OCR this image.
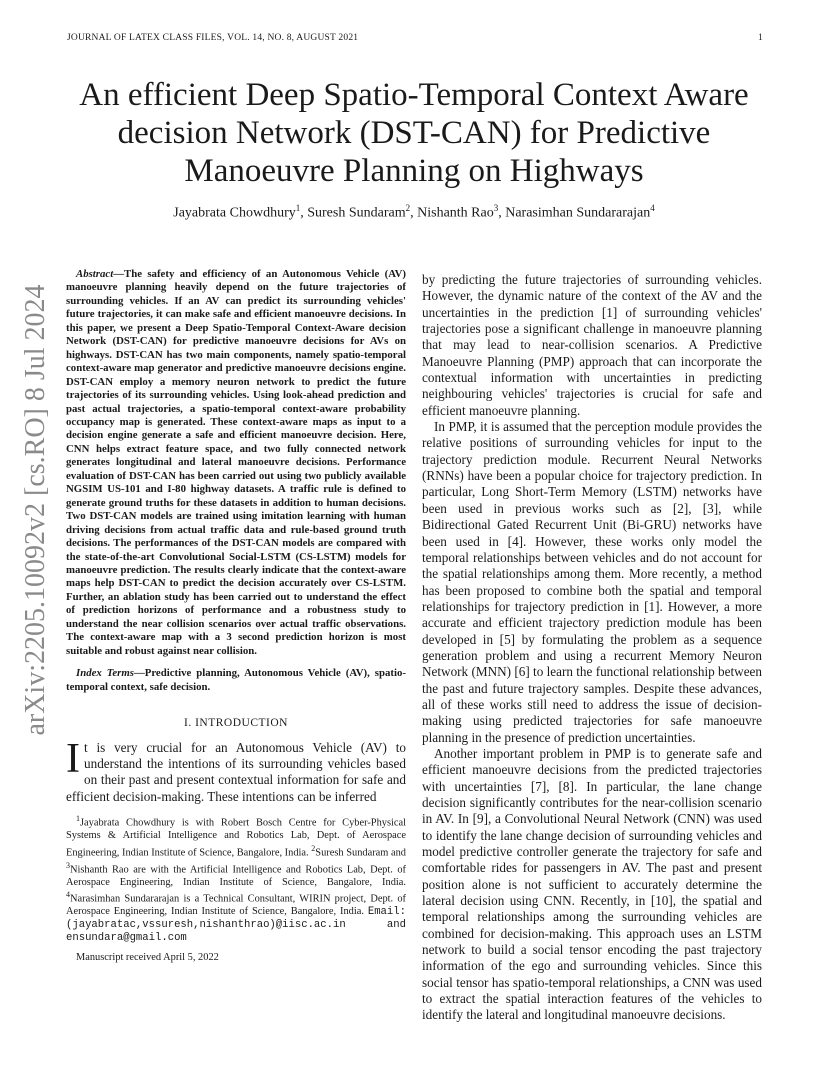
JOURNAL OF LATEX CLASS FILES, VOL. 14, NO. 8, AUGUST 2021	1
arXiv:2205.10092v2 [cs.RO] 8 Jul 2024
An efficient Deep Spatio-Temporal Context Aware decision Network (DST-CAN) for Predictive Manoeuvre Planning on Highways
Jayabrata Chowdhury$^1$, Suresh Sundaram$^2$, Nishanth Rao$^3$, Narasimhan Sundararajan$^4$

Abstract—The safety and efficiency of an Autonomous Vehicle (AV) manoeuvre planning heavily depend on the future trajectories of surrounding vehicles. If an AV can predict its surrounding vehicles' future trajectories, it can make safe and efficient manoeuvre decisions. In this paper, we present a Deep Spatio-Temporal Context-Aware decision Network (DST-CAN) for predictive manoeuvre decisions for AVs on highways. DST-CAN has two main components, namely spatio-temporal context-aware map generator and predictive manoeuvre decisions engine. DST-CAN employ a memory neuron network to predict the future trajectories of its surrounding vehicles. Using look-ahead prediction and past actual trajectories, a spatio-temporal context-aware probability occupancy map is generated. These context-aware maps as input to a decision engine generate a safe and efficient manoeuvre decision. Here, CNN helps extract feature space, and two fully connected network generates longitudinal and lateral manoeuvre decisions. Performance evaluation of DST-CAN has been carried out using two publicly available NGSIM US-101 and I-80 highway datasets. A traffic rule is defined to generate ground truths for these datasets in addition to human decisions. Two DST-CAN models are trained using imitation learning with human driving decisions from actual traffic data and rule-based ground truth decisions. The performances of the DST-CAN models are compared with the state-of-the-art Convolutional Social-LSTM (CS-LSTM) models for manoeuvre prediction. The results clearly indicate that the context-aware maps help DST-CAN to predict the decision accurately over CS-LSTM. Further, an ablation study has been carried out to understand the effect of prediction horizons of performance and a robustness study to understand the near collision scenarios over actual traffic observations. The context-aware map with a 3 second prediction horizon is most suitable and robust against near collision.

Index Terms—Predictive planning, Autonomous Vehicle (AV), spatio-temporal context, safe decision.

I. INTRODUCTION

It is very crucial for an Autonomous Vehicle (AV) to understand the intentions of its surrounding vehicles based on their past and present contextual information for safe and efficient decision-making. These intentions can be inferred

$^1$Jayabrata Chowdhury is with Robert Bosch Centre for Cyber-Physical Systems & Artificial Intelligence and Robotics Lab, Dept. of Aerospace Engineering, Indian Institute of Science, Bangalore, India. $^2$Suresh Sundaram and $^3$Nishanth Rao are with the Artificial Intelligence and Robotics Lab, Dept. of Aerospace Engineering, Indian Institute of Science, Bangalore, India. $^4$Narasimhan Sundararajan is a Technical Consultant, WIRIN project, Dept. of Aerospace Engineering, Indian Institute of Science, Bangalore, India. Email: (jayabratac,vssuresh,nishanthrao)@iisc.ac.in and ensundara@gmail.com

Manuscript received April 5, 2022

by predicting the future trajectories of surrounding vehicles. However, the dynamic nature of the context of the AV and the uncertainties in the prediction [1] of surrounding vehicles' trajectories pose a significant challenge in manoeuvre planning that may lead to near-collision scenarios. A Predictive Manoeuvre Planning (PMP) approach that can incorporate the contextual information with uncertainties in predicting neighbouring vehicles' trajectories is crucial for safe and efficient manoeuvre planning.

In PMP, it is assumed that the perception module provides the relative positions of surrounding vehicles for input to the trajectory prediction module. Recurrent Neural Networks (RNNs) have been a popular choice for trajectory prediction. In particular, Long Short-Term Memory (LSTM) networks have been used in previous works such as [2], [3], while Bidirectional Gated Recurrent Unit (Bi-GRU) networks have been used in [4]. However, these works only model the temporal relationships between vehicles and do not account for the spatial relationships among them. More recently, a method has been proposed to combine both the spatial and temporal relationships for trajectory prediction in [1]. However, a more accurate and efficient trajectory prediction module has been developed in [5] by formulating the problem as a sequence generation problem and using a recurrent Memory Neuron Network (MNN) [6] to learn the functional relationship between the past and future trajectory samples. Despite these advances, all of these works still need to address the issue of decision-making using predicted trajectories for safe manoeuvre planning in the presence of prediction uncertainties.

Another important problem in PMP is to generate safe and efficient manoeuvre decisions from the predicted trajectories with uncertainties [7], [8]. In particular, the lane change decision significantly contributes for the near-collision scenario in AV. In [9], a Convolutional Neural Network (CNN) was used to identify the lane change decision of surrounding vehicles and model predictive controller generate the trajectory for safe and comfortable rides for passengers in AV. The past and present position alone is not sufficient to accurately determine the lateral decision using CNN. Recently, in [10], the spatial and temporal relationships among the surrounding vehicles are combined for decision-making. This approach uses an LSTM network to build a social tensor encoding the past trajectory information of the ego and surrounding vehicles. Since this social tensor has spatio-temporal relationships, a CNN was used to extract the spatial interaction features of the vehicles to identify the lateral and longitudinal manoeuvre decisions.
